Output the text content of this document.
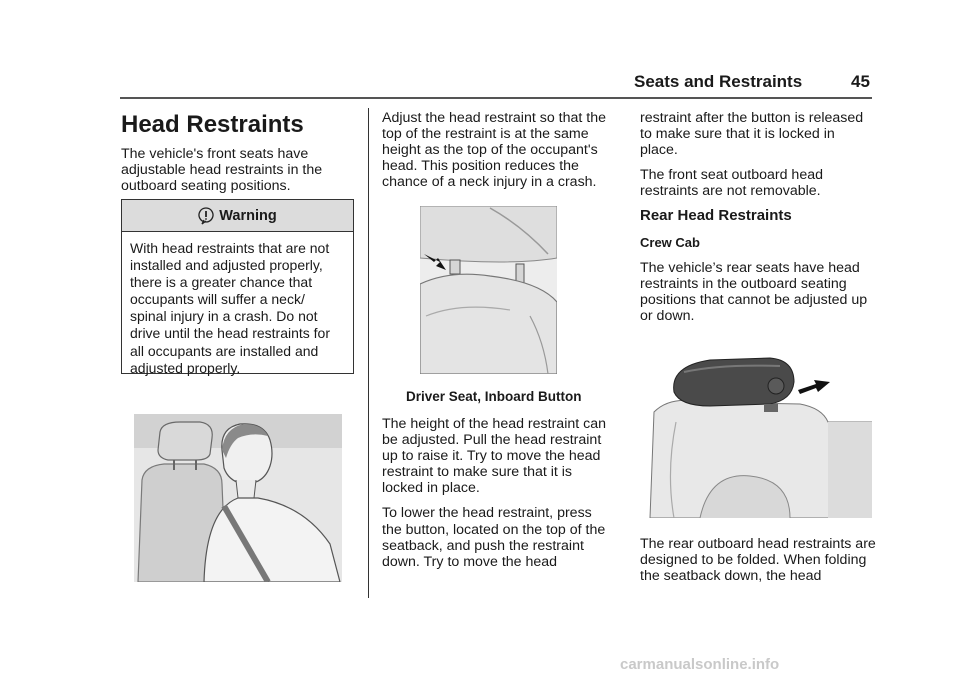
Seats and Restraints	45
Head Restraints

The vehicle's front seats have adjustable head restraints in the outboard seating positions.

Warning
With head restraints that are not installed and adjusted properly, there is a greater chance that occupants will suffer a neck/ spinal injury in a crash. Do not drive until the head restraints for all occupants are installed and adjusted properly.

Adjust the head restraint so that the top of the restraint is at the same height as the top of the occupant's head. This position reduces the chance of a neck injury in a crash.

Driver Seat, Inboard Button

The height of the head restraint can be adjusted. Pull the head restraint up to raise it. Try to move the head restraint to make sure that it is locked in place.

To lower the head restraint, press the button, located on the top of the seatback, and push the restraint down. Try to move the head

restraint after the button is released to make sure that it is locked in place.

The front seat outboard head restraints are not removable.

Rear Head Restraints
Crew Cab

The vehicle’s rear seats have head restraints in the outboard seating positions that cannot be adjusted up or down.

The rear outboard head restraints are designed to be folded. When folding the seatback down, the head

carmanualsonline.info
